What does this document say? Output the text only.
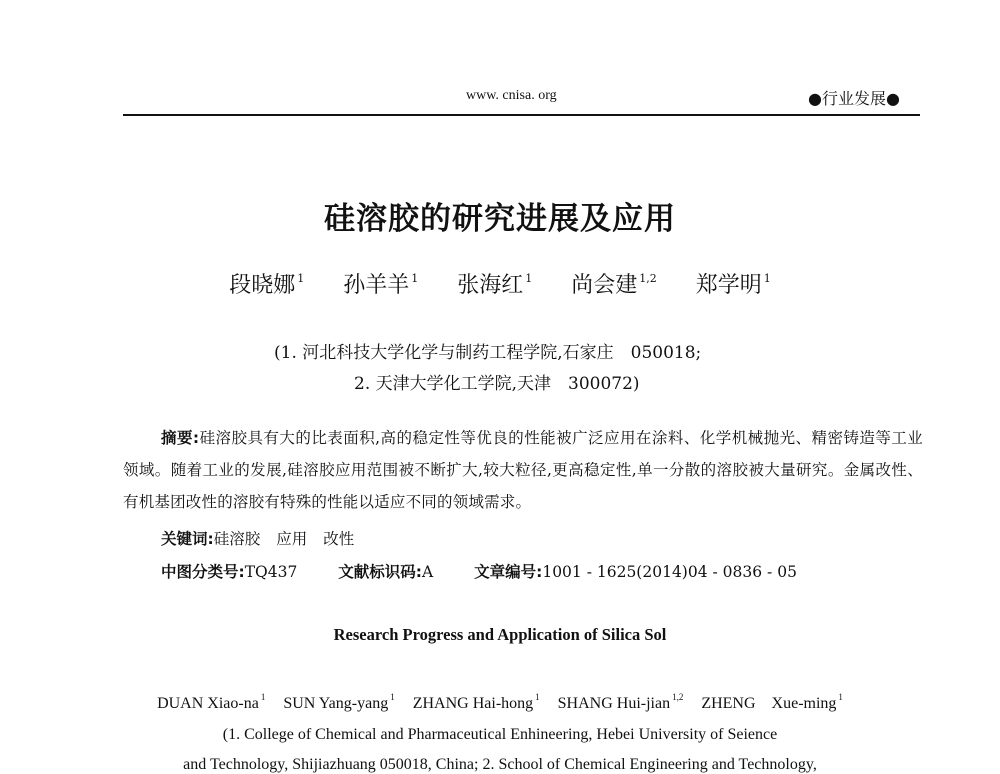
www. cnisa. org	●行业发展●
硅溶胶的研究进展及应用
段晓娜 $^1$ 孙羊羊 $^1$ 张海红 $^1$ 尚会建 $^{1,2}$ 郑学明 $^1$
(1. 河北科技大学化学与制药工程学院,石家庄　050018;
2. 天津大学化工学院,天津　300072)
摘要:硅溶胶具有大的比表面积,高的稳定性等优良的性能被广泛应用在涂料、化学机械抛光、精密铸造等工业领域。随着工业的发展,硅溶胶应用范围被不断扩大,较大粒径,更高稳定性,单一分散的溶胶被大量研究。金属改性、有机基团改性的溶胶有特殊的性能以适应不同的领域需求。
关键词:硅溶胶 应用 改性
中图分类号:TQ437	文献标识码:A	文章编号:1001 - 1625(2014)04 - 0836 - 05
Research Progress and Application of Silica Sol
DUAN Xiao-na $^1$ SUN Yang-yang $^1$ ZHANG Hai-hong $^1$ SHANG Hui-jian $^{1,2}$ ZHENG　Xue-ming $^1$
(1. College of Chemical and Pharmaceutical Enhineering, Hebei University of Seience
and Technology, Shijiazhuang 050018, China; 2. School of Chemical Engineering and Technology,
